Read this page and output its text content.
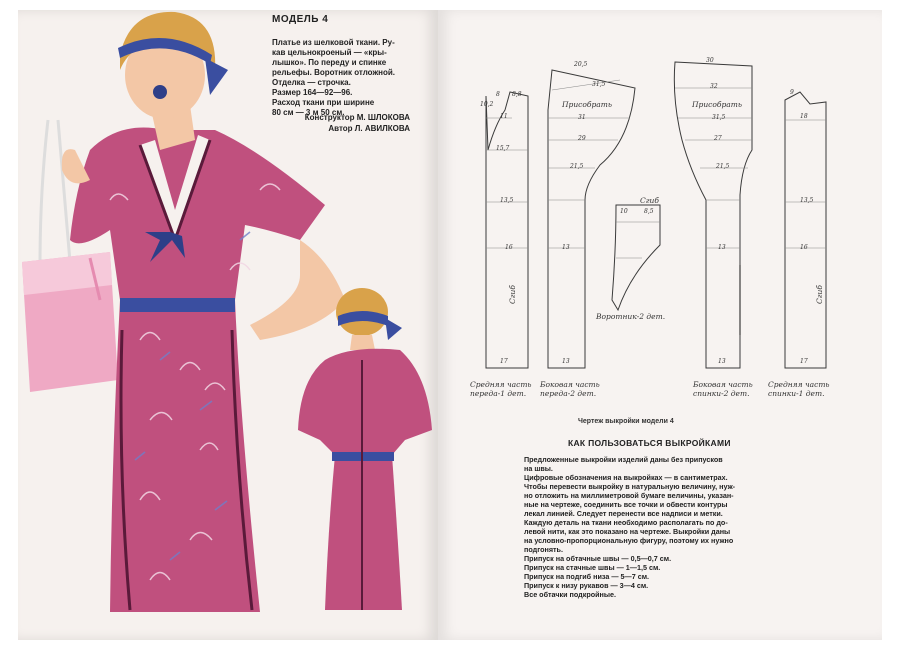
МОДЕЛЬ 4
Платье из шелковой ткани. Ру-
кав цельнокроеный — «кры-
лышко». По переду и спинке
рельефы. Воротник отложной.
Отделка — строчка.
Размер 164—92—96.
Расход ткани при ширине
80 см — 3 м 50 см.
Конструктор М. ШЛОКОВА
Автор Л. АВИЛКОВА
Средняя часть
переда-1 дет.
Боковая часть
переда-2 дет.
Воротник-2 дет.
Боковая часть
спинки-2 дет.
Средняя часть
спинки-1 дет.
Присобрать	Присобрать
Сгиб
Сгиб	Сгиб
10,2
8 8,8
11
15,7
13,5
16
17
20,5
31,5
31
29
21,5
13
13
10	8,5
30
32
31,5
27
21,5
13
13
9
18
13,5
16
17
Чертеж выкройки модели 4
КАК ПОЛЬЗОВАТЬСЯ ВЫКРОЙКАМИ
Предложенные выкройки изделий даны без припусков
на швы.
Цифровые обозначения на выкройках — в сантиметрах.
Чтобы перевести выкройку в натуральную величину, нуж-
но отложить на миллиметровой бумаге величины, указан-
ные на чертеже, соединить все точки и обвести контуры
лекал линией. Следует перенести все надписи и метки.
Каждую деталь на ткани необходимо располагать по до-
левой нити, как это показано на чертеже. Выкройки даны
на условно-пропорциональную фигуру, поэтому их нужно
подгонять.
Припуск на обтачные швы — 0,5—0,7 см.
Припуск на стачные швы — 1—1,5 см.
Припуск на подгиб низа — 5—7 см.
Припуск к низу рукавов — 3—4 см.
Все обтачки подкройные.
